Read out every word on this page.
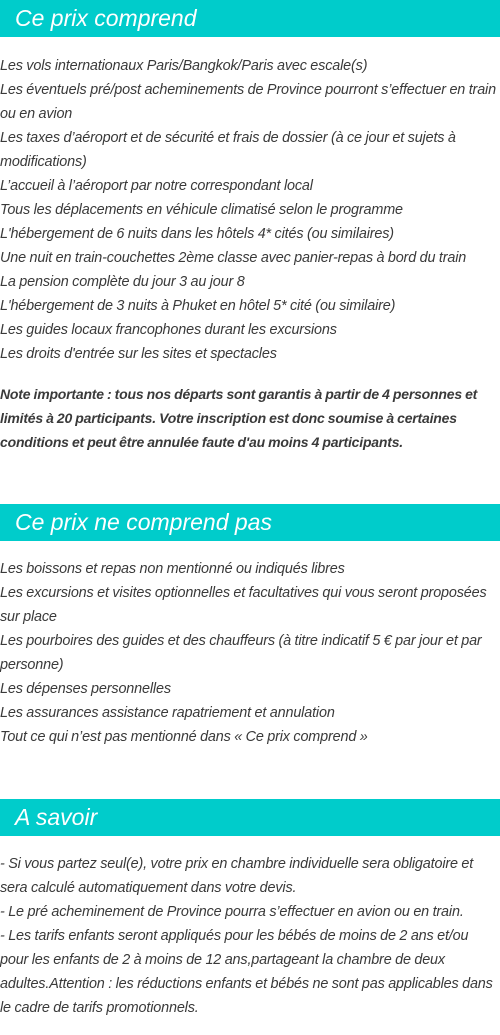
Ce prix comprend
Les vols internationaux Paris/Bangkok/Paris avec escale(s)
Les éventuels pré/post acheminements de Province pourront s’effectuer en train ou en avion
Les taxes d’aéroport et de sécurité et frais de dossier (à ce jour et sujets à modifications)
L’accueil à l’aéroport par notre correspondant local
Tous les déplacements en véhicule climatisé selon le programme
L'hébergement de 6 nuits dans les hôtels 4* cités (ou similaires)
Une nuit en train-couchettes 2ème classe avec panier-repas à bord du train
La pension complète du jour 3 au jour 8
L'hébergement de 3 nuits à Phuket en hôtel 5* cité (ou similaire)
Les guides locaux francophones durant les excursions
Les droits d'entrée sur les sites et spectacles

Note importante : tous nos départs sont garantis à partir de 4 personnes et limités à 20 participants. Votre inscription est donc soumise à certaines conditions et peut être annulée faute d'au moins 4 participants.

Ce prix ne comprend pas
Les boissons et repas non mentionné ou indiqués libres
Les excursions et visites optionnelles et facultatives qui vous seront proposées sur place
Les pourboires des guides et des chauffeurs (à titre indicatif 5 € par jour et par personne)
Les dépenses personnelles
Les assurances assistance rapatriement et annulation
Tout ce qui n’est pas mentionné dans « Ce prix comprend »
A savoir
- Si vous partez seul(e), votre prix en chambre individuelle sera obligatoire et sera calculé automatiquement dans votre devis.
- Le pré acheminement de Province pourra s’effectuer en avion ou en train.
- Les tarifs enfants seront appliqués pour les bébés de moins de 2 ans et/ou pour les enfants de 2 à moins de 12 ans,partageant la chambre de deux adultes.Attention : les réductions enfants et bébés ne sont pas applicables dans le cadre de tarifs promotionnels.
